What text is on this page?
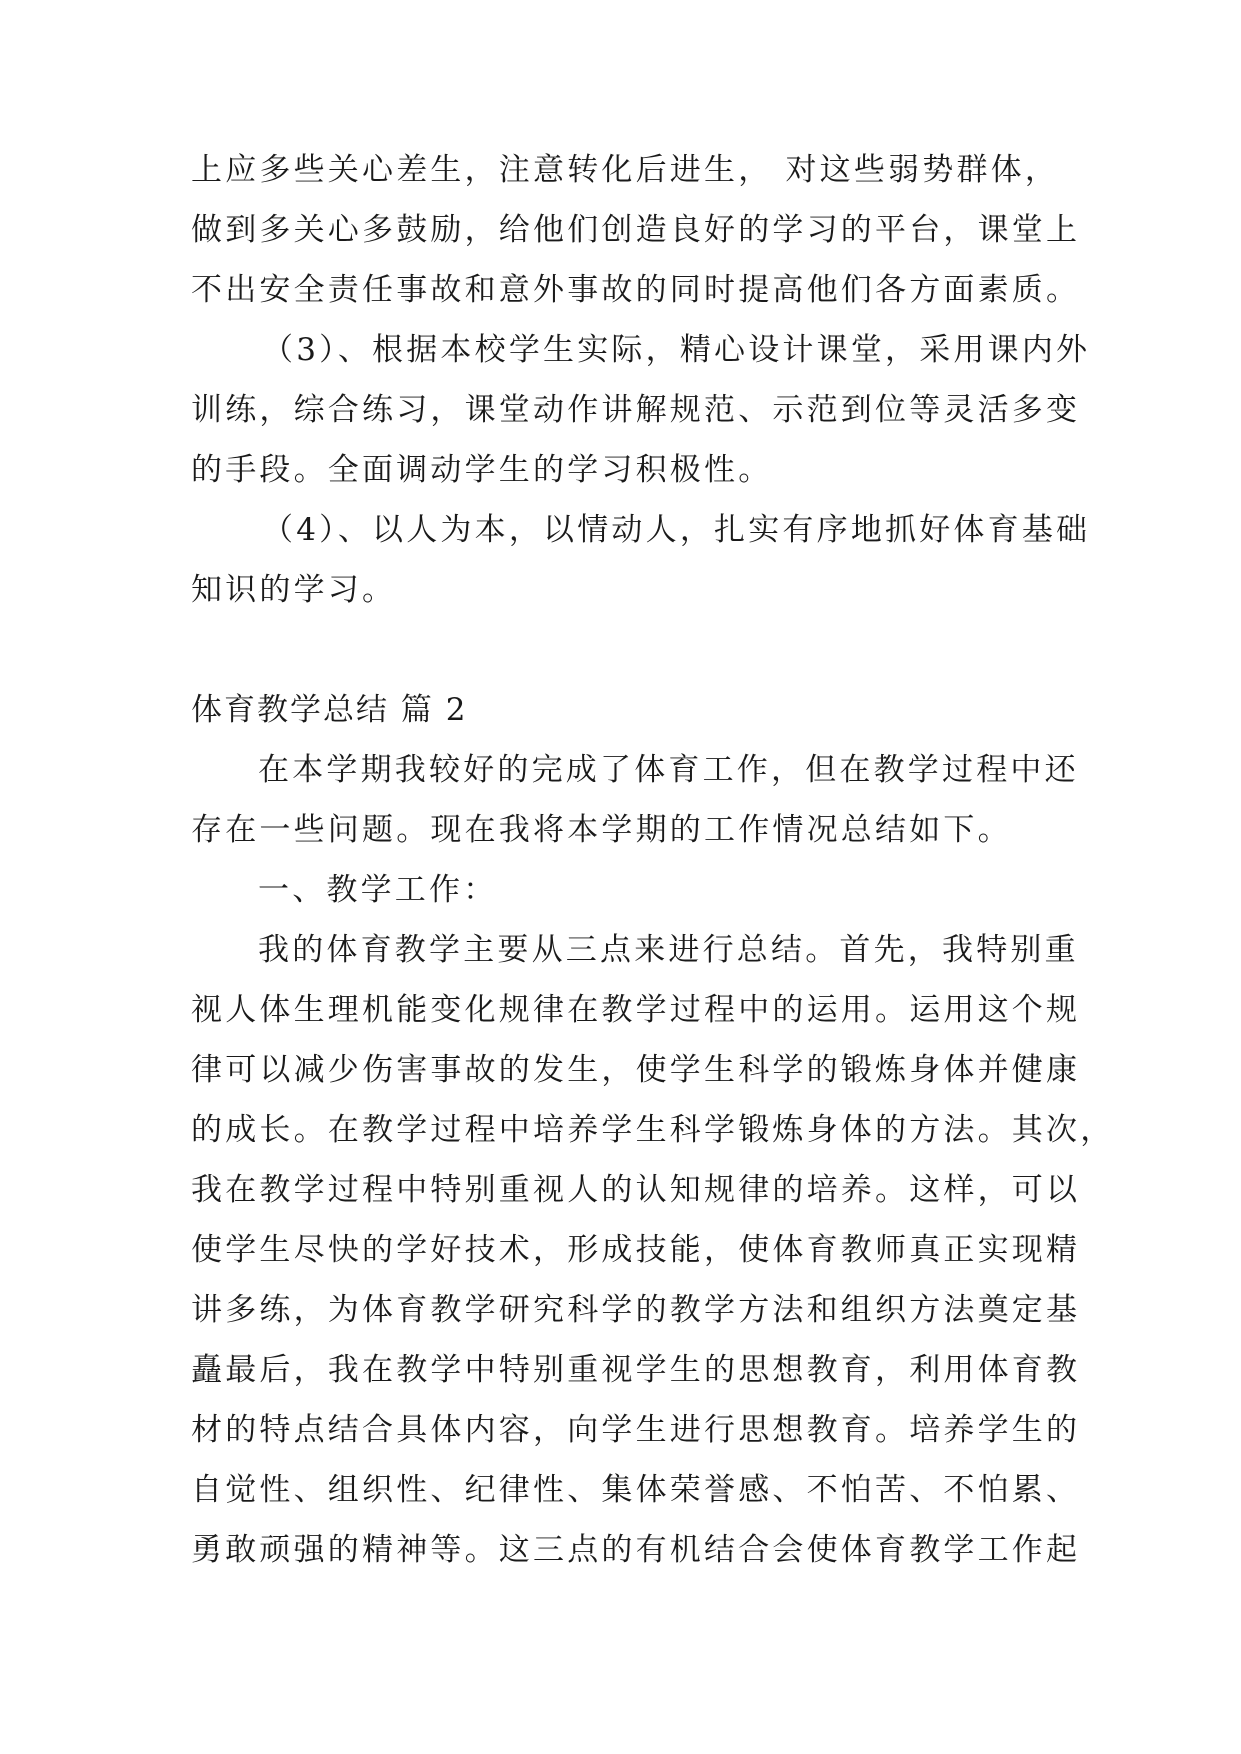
上应多些关心差生，注意转化后进生， 对这些弱势群体，
做到多关心多鼓励，给他们创造良好的学习的平台，课堂上
不出安全责任事故和意外事故的同时提高他们各方面素质。
（3）、根据本校学生实际，精心设计课堂，采用课内外
训练，综合练习，课堂动作讲解规范、示范到位等灵活多变
的手段。全面调动学生的学习积极性。
（4）、以人为本，以情动人，扎实有序地抓好体育基础
知识的学习。
体育教学总结 篇 2
在本学期我较好的完成了体育工作，但在教学过程中还
存在一些问题。现在我将本学期的工作情况总结如下。
一、教学工作：
我的体育教学主要从三点来进行总结。首先，我特别重
视人体生理机能变化规律在教学过程中的运用。运用这个规
律可以减少伤害事故的发生，使学生科学的锻炼身体并健康
的成长。在教学过程中培养学生科学锻炼身体的方法。其次，
我在教学过程中特别重视人的认知规律的培养。这样，可以
使学生尽快的学好技术，形成技能，使体育教师真正实现精
讲多练，为体育教学研究科学的教学方法和组织方法奠定基
矗最后，我在教学中特别重视学生的思想教育，利用体育教
材的特点结合具体内容，向学生进行思想教育。培养学生的
自觉性、组织性、纪律性、集体荣誉感、不怕苦、不怕累、
勇敢顽强的精神等。这三点的有机结合会使体育教学工作起
